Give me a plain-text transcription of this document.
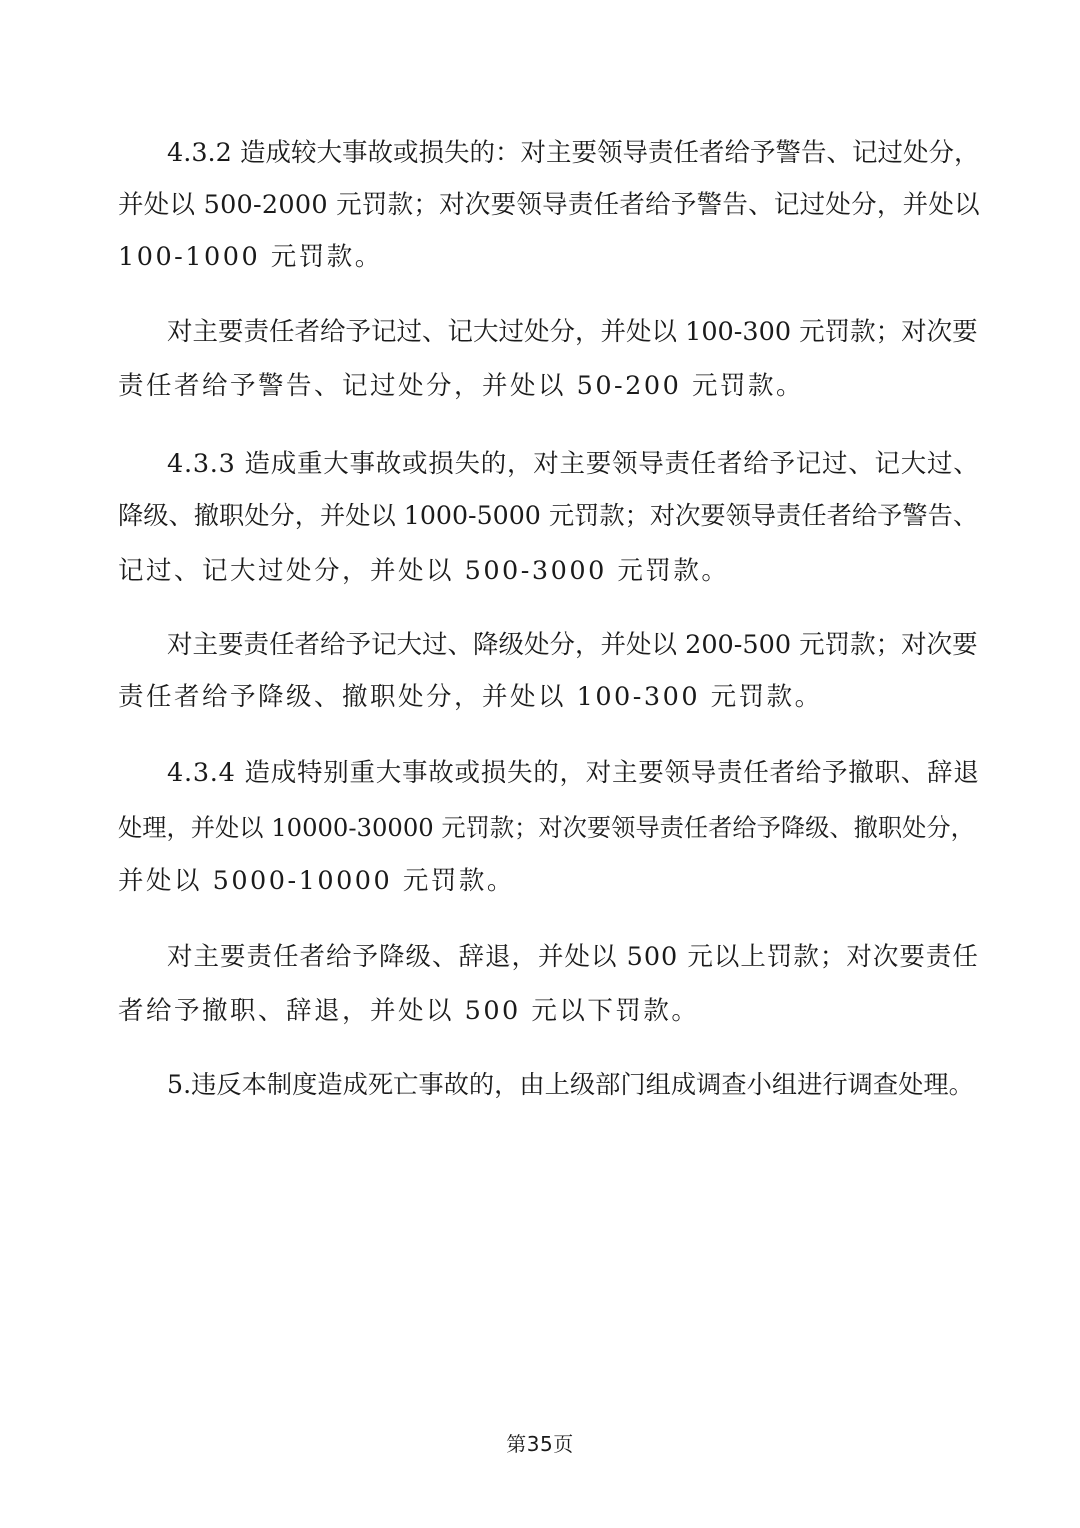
4.3.2 造成较大事故或损失的：对主要领导责任者给予警告、记过处分，
并处以 500-2000 元罚款；对次要领导责任者给予警告、记过处分，并处以
100-1000 元罚款。
对主要责任者给予记过、记大过处分，并处以 100-300 元罚款；对次要
责任者给予警告、记过处分，并处以 50-200 元罚款。
4.3.3 造成重大事故或损失的，对主要领导责任者给予记过、记大过、
降级、撤职处分，并处以 1000-5000 元罚款；对次要领导责任者给予警告、
记过、记大过处分，并处以 500-3000 元罚款。
对主要责任者给予记大过、降级处分，并处以 200-500 元罚款；对次要
责任者给予降级、撤职处分，并处以 100-300 元罚款。
4.3.4 造成特别重大事故或损失的，对主要领导责任者给予撤职、辞退
处理，并处以 10000-30000 元罚款；对次要领导责任者给予降级、撤职处分，
并处以 5000-10000 元罚款。
对主要责任者给予降级、辞退，并处以 500 元以上罚款；对次要责任
者给予撤职、辞退，并处以 500 元以下罚款。
5.违反本制度造成死亡事故的，由上级部门组成调查小组进行调查处理。
第35页
